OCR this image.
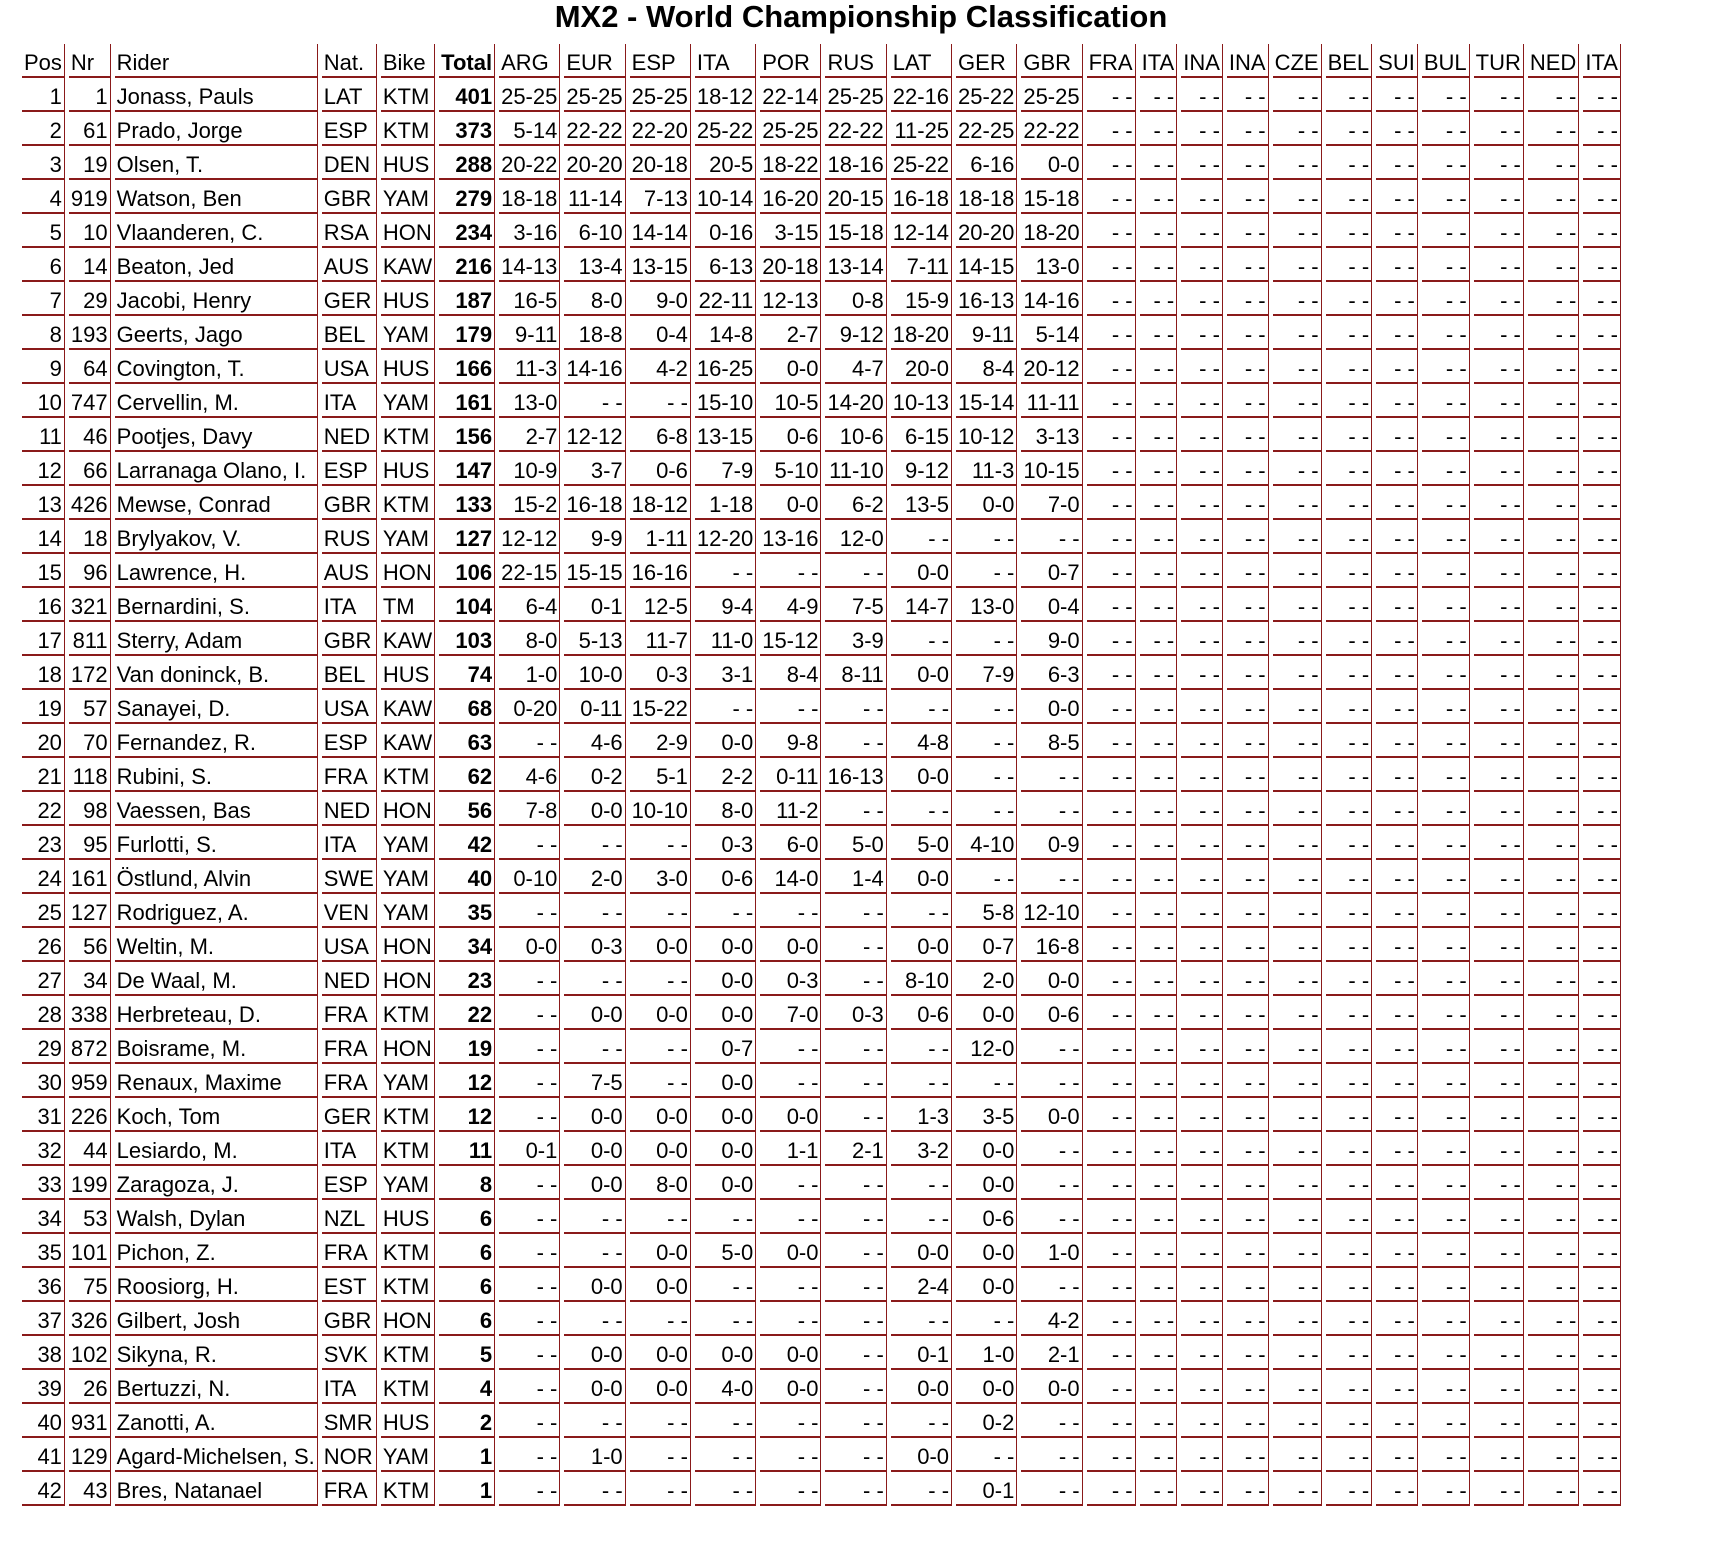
MX2 - World Championship Classification
Pos	Nr	Rider	Nat.	Bike	Total	ARG	EUR	ESP	ITA	POR	RUS	LAT	GER	GBR	FRA	ITA	INA	INA	CZE	BEL	SUI	BUL	TUR	NED	ITA
1	1	Jonass, Pauls	LAT	KTM	401	25-25	25-25	25-25	18-12	22-14	25-25	22-16	25-22	25-25	- -	- -	- -	- -	- -	- -	- -	- -	- -	- -	- -
2	61	Prado, Jorge	ESP	KTM	373	5-14	22-22	22-20	25-22	25-25	22-22	11-25	22-25	22-22	- -	- -	- -	- -	- -	- -	- -	- -	- -	- -	- -
3	19	Olsen, T.	DEN	HUS	288	20-22	20-20	20-18	20-5	18-22	18-16	25-22	6-16	0-0	- -	- -	- -	- -	- -	- -	- -	- -	- -	- -	- -
4	919	Watson, Ben	GBR	YAM	279	18-18	11-14	7-13	10-14	16-20	20-15	16-18	18-18	15-18	- -	- -	- -	- -	- -	- -	- -	- -	- -	- -	- -
5	10	Vlaanderen, C.	RSA	HON	234	3-16	6-10	14-14	0-16	3-15	15-18	12-14	20-20	18-20	- -	- -	- -	- -	- -	- -	- -	- -	- -	- -	- -
6	14	Beaton, Jed	AUS	KAW	216	14-13	13-4	13-15	6-13	20-18	13-14	7-11	14-15	13-0	- -	- -	- -	- -	- -	- -	- -	- -	- -	- -	- -
7	29	Jacobi, Henry	GER	HUS	187	16-5	8-0	9-0	22-11	12-13	0-8	15-9	16-13	14-16	- -	- -	- -	- -	- -	- -	- -	- -	- -	- -	- -
8	193	Geerts, Jago	BEL	YAM	179	9-11	18-8	0-4	14-8	2-7	9-12	18-20	9-11	5-14	- -	- -	- -	- -	- -	- -	- -	- -	- -	- -	- -
9	64	Covington, T.	USA	HUS	166	11-3	14-16	4-2	16-25	0-0	4-7	20-0	8-4	20-12	- -	- -	- -	- -	- -	- -	- -	- -	- -	- -	- -
10	747	Cervellin, M.	ITA	YAM	161	13-0	- -	- -	15-10	10-5	14-20	10-13	15-14	11-11	- -	- -	- -	- -	- -	- -	- -	- -	- -	- -	- -
11	46	Pootjes, Davy	NED	KTM	156	2-7	12-12	6-8	13-15	0-6	10-6	6-15	10-12	3-13	- -	- -	- -	- -	- -	- -	- -	- -	- -	- -	- -
12	66	Larranaga Olano, I.	ESP	HUS	147	10-9	3-7	0-6	7-9	5-10	11-10	9-12	11-3	10-15	- -	- -	- -	- -	- -	- -	- -	- -	- -	- -	- -
13	426	Mewse, Conrad	GBR	KTM	133	15-2	16-18	18-12	1-18	0-0	6-2	13-5	0-0	7-0	- -	- -	- -	- -	- -	- -	- -	- -	- -	- -	- -
14	18	Brylyakov, V.	RUS	YAM	127	12-12	9-9	1-11	12-20	13-16	12-0	- -	- -	- -	- -	- -	- -	- -	- -	- -	- -	- -	- -	- -	- -
15	96	Lawrence, H.	AUS	HON	106	22-15	15-15	16-16	- -	- -	- -	0-0	- -	0-7	- -	- -	- -	- -	- -	- -	- -	- -	- -	- -	- -
16	321	Bernardini, S.	ITA	TM	104	6-4	0-1	12-5	9-4	4-9	7-5	14-7	13-0	0-4	- -	- -	- -	- -	- -	- -	- -	- -	- -	- -	- -
17	811	Sterry, Adam	GBR	KAW	103	8-0	5-13	11-7	11-0	15-12	3-9	- -	- -	9-0	- -	- -	- -	- -	- -	- -	- -	- -	- -	- -	- -
18	172	Van doninck, B.	BEL	HUS	74	1-0	10-0	0-3	3-1	8-4	8-11	0-0	7-9	6-3	- -	- -	- -	- -	- -	- -	- -	- -	- -	- -	- -
19	57	Sanayei, D.	USA	KAW	68	0-20	0-11	15-22	- -	- -	- -	- -	- -	0-0	- -	- -	- -	- -	- -	- -	- -	- -	- -	- -	- -
20	70	Fernandez, R.	ESP	KAW	63	- -	4-6	2-9	0-0	9-8	- -	4-8	- -	8-5	- -	- -	- -	- -	- -	- -	- -	- -	- -	- -	- -
21	118	Rubini, S.	FRA	KTM	62	4-6	0-2	5-1	2-2	0-11	16-13	0-0	- -	- -	- -	- -	- -	- -	- -	- -	- -	- -	- -	- -	- -
22	98	Vaessen, Bas	NED	HON	56	7-8	0-0	10-10	8-0	11-2	- -	- -	- -	- -	- -	- -	- -	- -	- -	- -	- -	- -	- -	- -	- -
23	95	Furlotti, S.	ITA	YAM	42	- -	- -	- -	0-3	6-0	5-0	5-0	4-10	0-9	- -	- -	- -	- -	- -	- -	- -	- -	- -	- -	- -
24	161	Östlund, Alvin	SWE	YAM	40	0-10	2-0	3-0	0-6	14-0	1-4	0-0	- -	- -	- -	- -	- -	- -	- -	- -	- -	- -	- -	- -	- -
25	127	Rodriguez, A.	VEN	YAM	35	- -	- -	- -	- -	- -	- -	- -	5-8	12-10	- -	- -	- -	- -	- -	- -	- -	- -	- -	- -	- -
26	56	Weltin, M.	USA	HON	34	0-0	0-3	0-0	0-0	0-0	- -	0-0	0-7	16-8	- -	- -	- -	- -	- -	- -	- -	- -	- -	- -	- -
27	34	De Waal, M.	NED	HON	23	- -	- -	- -	0-0	0-3	- -	8-10	2-0	0-0	- -	- -	- -	- -	- -	- -	- -	- -	- -	- -	- -
28	338	Herbreteau, D.	FRA	KTM	22	- -	0-0	0-0	0-0	7-0	0-3	0-6	0-0	0-6	- -	- -	- -	- -	- -	- -	- -	- -	- -	- -	- -
29	872	Boisrame, M.	FRA	HON	19	- -	- -	- -	0-7	- -	- -	- -	12-0	- -	- -	- -	- -	- -	- -	- -	- -	- -	- -	- -	- -
30	959	Renaux, Maxime	FRA	YAM	12	- -	7-5	- -	0-0	- -	- -	- -	- -	- -	- -	- -	- -	- -	- -	- -	- -	- -	- -	- -	- -
31	226	Koch, Tom	GER	KTM	12	- -	0-0	0-0	0-0	0-0	- -	1-3	3-5	0-0	- -	- -	- -	- -	- -	- -	- -	- -	- -	- -	- -
32	44	Lesiardo, M.	ITA	KTM	11	0-1	0-0	0-0	0-0	1-1	2-1	3-2	0-0	- -	- -	- -	- -	- -	- -	- -	- -	- -	- -	- -	- -
33	199	Zaragoza, J.	ESP	YAM	8	- -	0-0	8-0	0-0	- -	- -	- -	0-0	- -	- -	- -	- -	- -	- -	- -	- -	- -	- -	- -	- -
34	53	Walsh, Dylan	NZL	HUS	6	- -	- -	- -	- -	- -	- -	- -	0-6	- -	- -	- -	- -	- -	- -	- -	- -	- -	- -	- -	- -
35	101	Pichon, Z.	FRA	KTM	6	- -	- -	0-0	5-0	0-0	- -	0-0	0-0	1-0	- -	- -	- -	- -	- -	- -	- -	- -	- -	- -	- -
36	75	Roosiorg, H.	EST	KTM	6	- -	0-0	0-0	- -	- -	- -	2-4	0-0	- -	- -	- -	- -	- -	- -	- -	- -	- -	- -	- -	- -
37	326	Gilbert, Josh	GBR	HON	6	- -	- -	- -	- -	- -	- -	- -	- -	4-2	- -	- -	- -	- -	- -	- -	- -	- -	- -	- -	- -
38	102	Sikyna, R.	SVK	KTM	5	- -	0-0	0-0	0-0	0-0	- -	0-1	1-0	2-1	- -	- -	- -	- -	- -	- -	- -	- -	- -	- -	- -
39	26	Bertuzzi, N.	ITA	KTM	4	- -	0-0	0-0	4-0	0-0	- -	0-0	0-0	0-0	- -	- -	- -	- -	- -	- -	- -	- -	- -	- -	- -
40	931	Zanotti, A.	SMR	HUS	2	- -	- -	- -	- -	- -	- -	- -	0-2	- -	- -	- -	- -	- -	- -	- -	- -	- -	- -	- -	- -
41	129	Agard-Michelsen, S.	NOR	YAM	1	- -	1-0	- -	- -	- -	- -	0-0	- -	- -	- -	- -	- -	- -	- -	- -	- -	- -	- -	- -	- -
42	43	Bres, Natanael	FRA	KTM	1	- -	- -	- -	- -	- -	- -	- -	0-1	- -	- -	- -	- -	- -	- -	- -	- -	- -	- -	- -	- -
